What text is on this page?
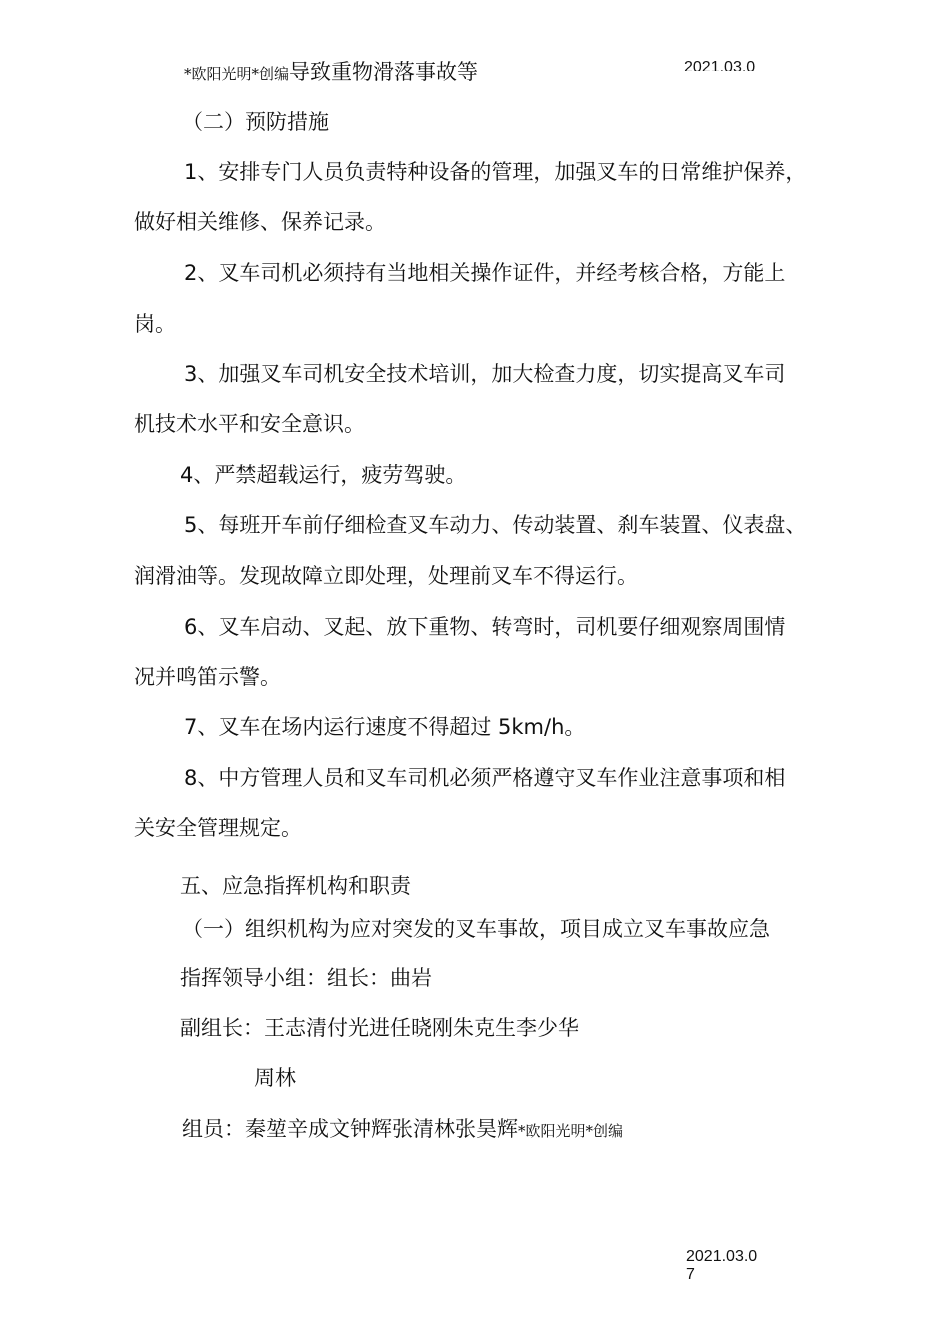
*欧阳光明*创编导致重物滑落事故等	2021.03.0
（二）预防措施
1、安排专门人员负责特种设备的管理，加强叉车的日常维护保养，
做好相关维修、保养记录。
2、叉车司机必须持有当地相关操作证件，并经考核合格，方能上
岗。
3、加强叉车司机安全技术培训，加大检查力度，切实提高叉车司
机技术水平和安全意识。
4、严禁超载运行，疲劳驾驶。
5、每班开车前仔细检查叉车动力、传动装置、刹车装置、仪表盘、
润滑油等。发现故障立即处理，处理前叉车不得运行。
6、叉车启动、叉起、放下重物、转弯时，司机要仔细观察周围情
况并鸣笛示警。
7、叉车在场内运行速度不得超过 5km/h。
8、中方管理人员和叉车司机必须严格遵守叉车作业注意事项和相
关安全管理规定。
五、应急指挥机构和职责
（一）组织机构为应对突发的叉车事故，项目成立叉车事故应急
指挥领导小组：组长：曲岩
副组长：王志清付光进任晓刚朱克生李少华
周林
组员：秦堃辛成文钟辉张清林张昊辉*欧阳光明*创编
2021.03.0
7
